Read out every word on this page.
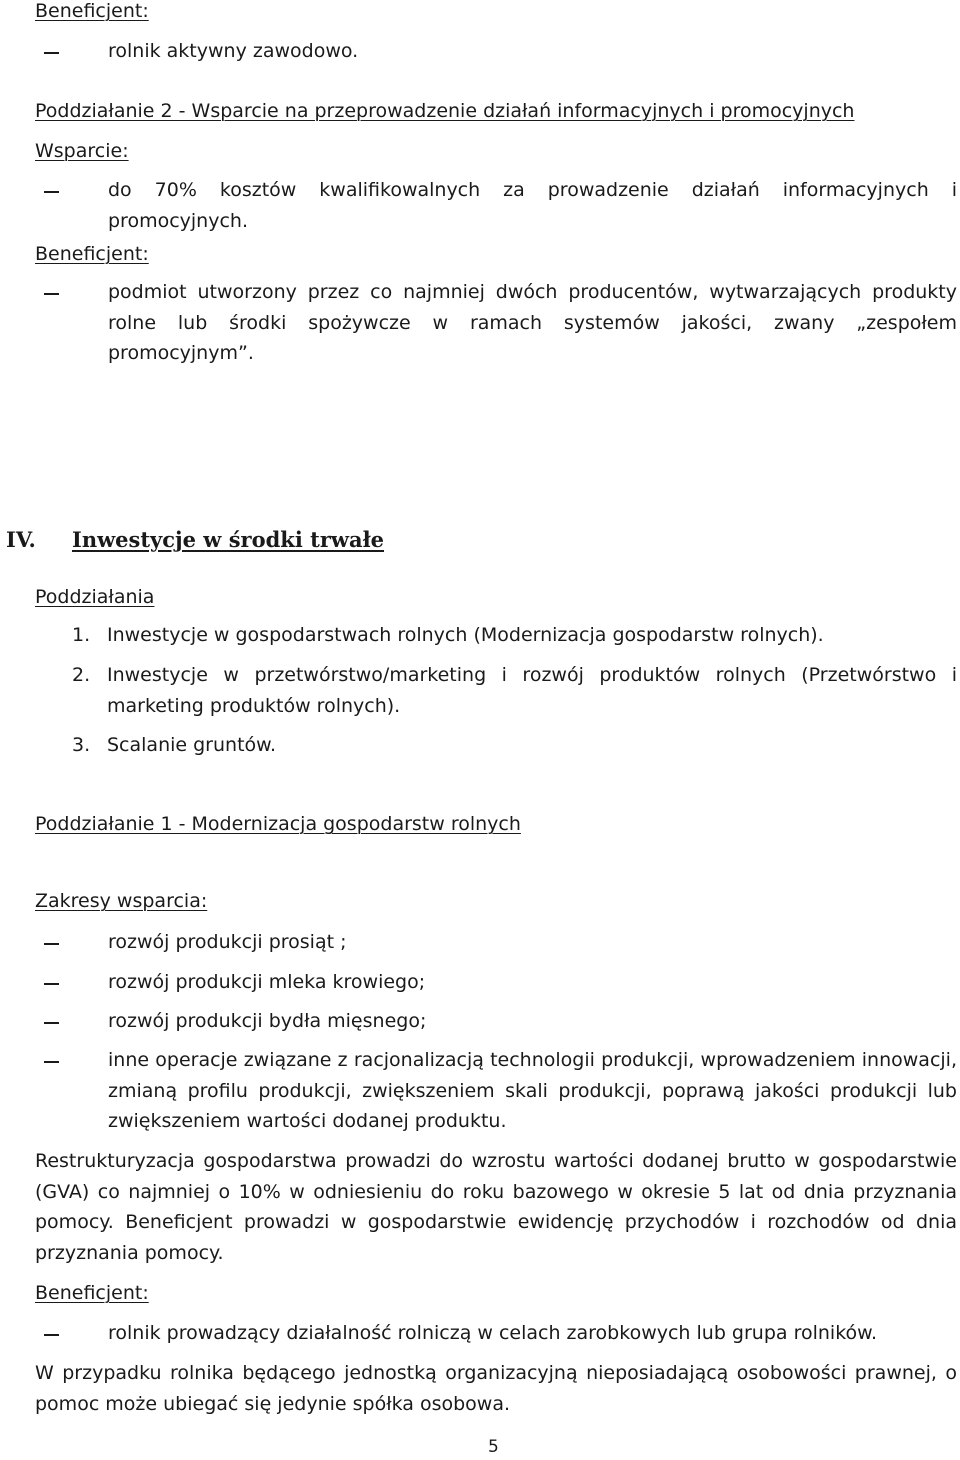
Beneficjent:
rolnik aktywny zawodowo.
Poddziałanie 2 - Wsparcie na przeprowadzenie działań informacyjnych i promocyjnych
Wsparcie:
do 70% kosztów kwalifikowalnych za prowadzenie działań informacyjnych i promocyjnych.
Beneficjent:
podmiot utworzony przez co najmniej dwóch producentów, wytwarzających produkty rolne lub środki spożywcze w ramach systemów jakości, zwany „zespołem promocyjnym”.
IV. Inwestycje w środki trwałe
Poddziałania
1. Inwestycje w gospodarstwach rolnych (Modernizacja gospodarstw rolnych).
2. Inwestycje w przetwórstwo/marketing i rozwój produktów rolnych (Przetwórstwo i marketing produktów rolnych).
3. Scalanie gruntów.
Poddziałanie 1 - Modernizacja gospodarstw rolnych
Zakresy wsparcia:
rozwój produkcji prosiąt ;
rozwój produkcji mleka krowiego;
rozwój produkcji bydła mięsnego;
inne operacje związane z racjonalizacją technologii produkcji, wprowadzeniem innowacji, zmianą profilu produkcji, zwiększeniem skali produkcji, poprawą jakości produkcji lub zwiększeniem wartości dodanej produktu.
Restrukturyzacja gospodarstwa prowadzi do wzrostu wartości dodanej brutto w gospodarstwie (GVA) co najmniej o 10% w odniesieniu do roku bazowego w okresie 5 lat od dnia przyznania pomocy. Beneficjent prowadzi w gospodarstwie ewidencję przychodów i rozchodów od dnia przyznania pomocy.
Beneficjent:
rolnik prowadzący działalność rolniczą w celach zarobkowych lub grupa rolników.
W przypadku rolnika będącego jednostką organizacyjną nieposiadającą osobowości prawnej, o pomoc może ubiegać się jedynie spółka osobowa.
5
